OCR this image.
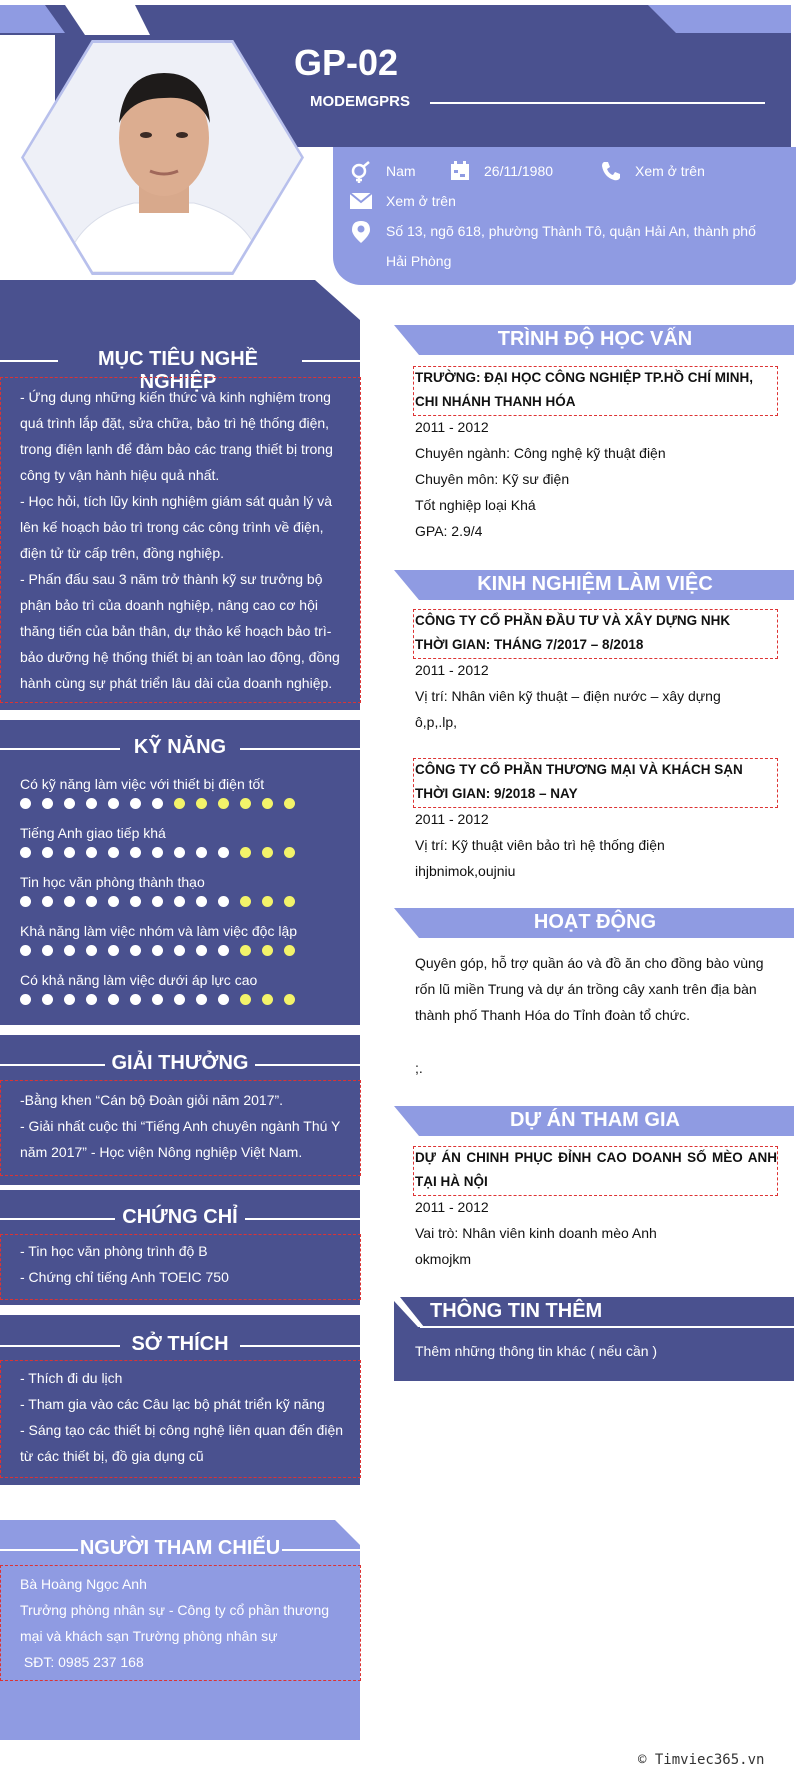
GP-02
MODEMGPRS
Nam	26/11/1980	Xem ở trên
Xem ở trên
Số 13, ngõ 618, phường Thành Tô, quận Hải An, thành phố
Hải Phòng
MỤC TIÊU NGHỀ NGHIỆP
- Ứng dụng những kiến thức và kinh nghiệm trong
quá trình lắp đặt, sửa chữa, bảo trì hệ thống điện,
trong điện lạnh để đảm bảo các trang thiết bị trong
công ty vận hành hiệu quả nhất.
- Học hỏi, tích lũy kinh nghiệm giám sát quản lý và
lên kế hoạch bảo trì trong các công trình về điện,
điện tử từ cấp trên, đồng nghiệp.
- Phấn đấu sau 3 năm trở thành kỹ sư trưởng bộ
phận bảo trì của doanh nghiệp, nâng cao cơ hội
thăng tiến của bản thân, dự thảo kế hoạch bảo trì-
bảo dưỡng hệ thống thiết bị an toàn lao động, đồng
hành cùng sự phát triển lâu dài của doanh nghiệp.
KỸ NĂNG
Có kỹ năng làm việc với thiết bị điện tốt
Tiếng Anh giao tiếp khá
Tin học văn phòng thành thạo
Khả năng làm việc nhóm và làm việc độc lập
Có khả năng làm việc dưới áp lực cao
GIẢI THƯỞNG
-Bằng khen “Cán bộ Đoàn giỏi năm 2017”.
- Giải nhất cuộc thi “Tiếng Anh chuyên ngành Thú Y
năm 2017” - Học viện Nông nghiệp Việt Nam.
CHỨNG CHỈ
- Tin học văn phòng trình độ B
- Chứng chỉ tiếng Anh TOEIC 750
SỞ THÍCH
- Thích đi du lịch
- Tham gia vào các Câu lạc bộ phát triển kỹ năng
- Sáng tạo các thiết bị công nghệ liên quan đến điện
từ các thiết bị, đồ gia dụng cũ
NGƯỜI THAM CHIẾU
Bà Hoàng Ngọc Anh
Trưởng phòng nhân sự - Công ty cổ phần thương
mại và khách sạn Trường phòng nhân sự
SĐT: 0985 237 168
TRÌNH ĐỘ HỌC VẤN
TRƯỜNG: ĐẠI HỌC CÔNG NGHIỆP TP.HỒ CHÍ MINH, CHI NHÁNH THANH HÓA
2011 - 2012
Chuyên ngành: Công nghệ kỹ thuật điện
Chuyên môn: Kỹ sư điện
Tốt nghiệp loại Khá
GPA: 2.9/4
KINH NGHIỆM LÀM VIỆC
CÔNG TY CỔ PHẦN ĐẦU TƯ VÀ XÂY DỰNG NHK
THỜI GIAN: THÁNG 7/2017 – 8/2018
2011 - 2012
Vị trí: Nhân viên kỹ thuật – điện nước – xây dựng
ô,p,.lp,
CÔNG TY CỔ PHẦN THƯƠNG MẠI VÀ KHÁCH SẠN
THỜI GIAN: 9/2018 – NAY
2011 - 2012
Vị trí: Kỹ thuật viên bảo trì hệ thống điện
ihjbnimok,oujniu
HOẠT ĐỘNG
Quyên góp, hỗ trợ quần áo và đồ ăn cho đồng bào vùng
rốn lũ miền Trung và dự án trồng cây xanh trên địa bàn
thành phố Thanh Hóa do Tỉnh đoàn tổ chức.
;.
DỰ ÁN THAM GIA
DỰ ÁN CHINH PHỤC ĐỈNH CAO DOANH SỐ MÈO ANH TẠI HÀ NỘI
2011 - 2012
Vai trò: Nhân viên kinh doanh mèo Anh
okmojkm
THÔNG TIN THÊM
Thêm những thông tin khác ( nếu cần )
© Timviec365.vn
